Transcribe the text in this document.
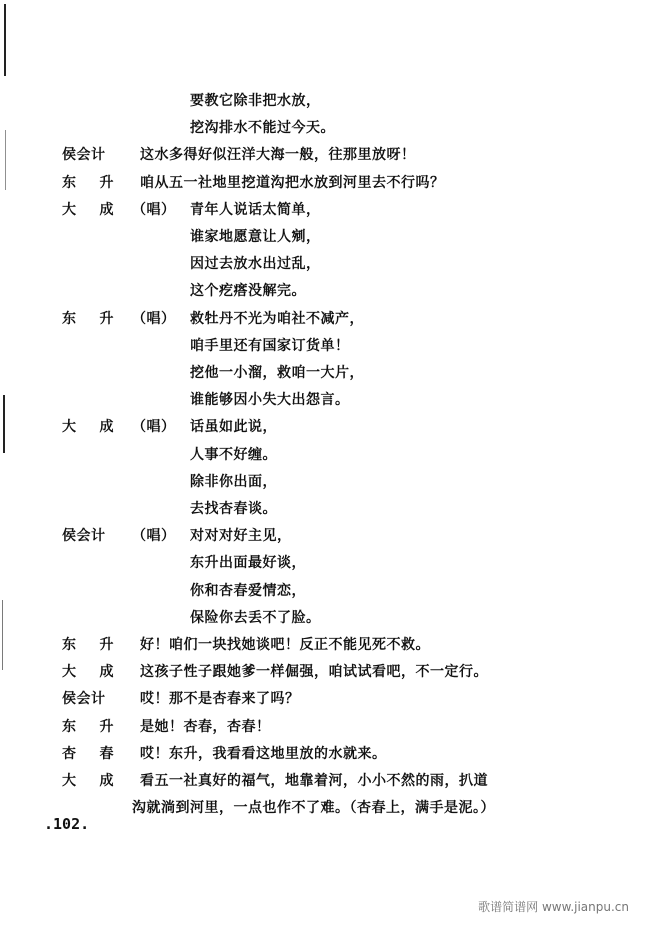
要教它除非把水放，
挖沟排水不能过今天。
侯会计	这水多得好似汪洋大海一般，往那里放呀！
东 升 咱从五一社地里挖道沟把水放到河里去不行吗？
大 成 （唱） 青年人说话太简单，
谁家地愿意让人剜，
因过去放水出过乱，
这个疙瘩没解完。
东 升 （唱） 救牡丹不光为咱社不减产，
咱手里还有国家订货单！
挖他一小溜，救咱一大片，
谁能够因小失大出怨言。
大 成 （唱） 话虽如此说，
人事不好缠。
除非你出面，
去找杏春谈。
侯会计	（唱） 对对对好主见，
东升出面最好谈，
你和杏春爱情恋，
保险你去丢不了脸。
东 升 好！咱们一块找她谈吧！反正不能见死不救。
大 成 这孩子性子跟她爹一样倔强，咱试试看吧，不一定行。
侯会计	哎！那不是杏春来了吗？
东 升 是她！杏春，杏春！
杏 春 哎！东升，我看看这地里放的水就来。
大 成 看五一社真好的福气，地靠着河，小小不然的雨，扒道
沟就淌到河里，一点也作不了难。（杏春上，满手是泥。）
.102.
歌谱简谱网 www.jianpu.cn
